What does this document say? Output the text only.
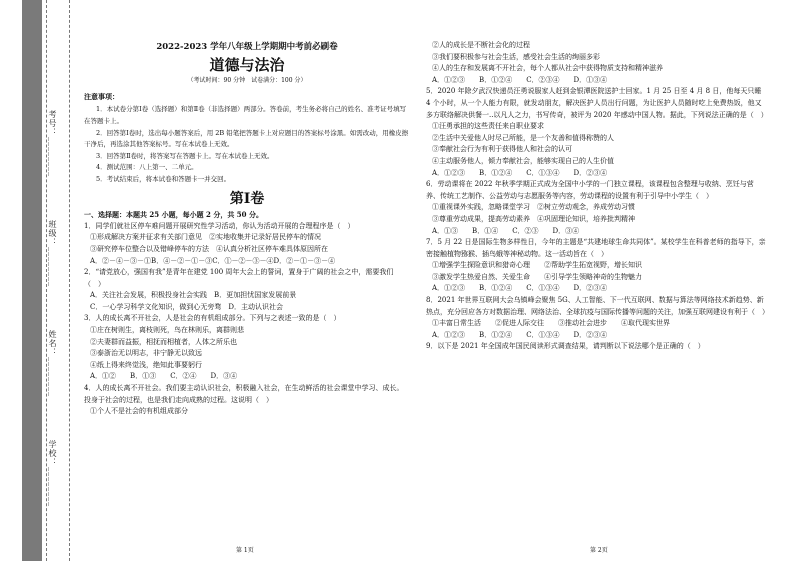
学校：________
姓名：________
班级：________
考号：________
2022-2023 学年八年级上学期期中考前必刷卷
道德与法治
（考试时间：90 分钟　试卷满分：100 分）
注意事项：
1．本试卷分第Ⅰ卷（选择题）和第Ⅱ卷（非选择题）两部分。答卷前，考生务必将自己的姓名、准考证号填写在答题卡上。
2．回答第Ⅰ卷时，选出每小题答案后，用 2B 铅笔把答题卡上对应题目的答案标号涂黑。如需改动，用橡皮擦干净后，再选涂其他答案标号。写在本试卷上无效。
3．回答第Ⅱ卷时，将答案写在答题卡上。写在本试卷上无效。
4．测试范围：八上第一、二单元。
5．考试结束后，将本试卷和答题卡一并交回。
第Ⅰ卷
一、选择题：本题共 25 小题，每小题 2 分，共 50 分。
1．同学们就社区停车难问题开展研究性学习活动，你认为活动开展的合理程序是（　）
①形成解决方案并征求有关部门意见　②实地收集并记录好居民停车的情况
③研究停车位整合以及错峰停车的方法　④认真分析社区停车难具体原因所在
A．②－④－③－①B．④－②－①－③C．①－②－③－④D．②－①－③－④
2．“请党放心，强国有我”是青年在建党 100 周年大会上的誓词，置身于广阔的社会之中，需要我们（　）
A．关注社会发展，积极投身社会实践　B．更加担忧国家发展前景
C．一心学习科学文化知识，做到心无旁骛　D．主动认识社会
3．人的成长离不开社会，人是社会的有机组成部分。下列与之表述一致的是（　）
①庄在树则生，离枝则死，鸟在林则乐，离群则悲
②夫妻群而益振，相抚而相植者，人体之所乐也
③泰浙治无以明志，非宁静无以致远
④纸上得来终觉浅，绝知此事要躬行
A．①②　　B．①③　　C．②④　　D．③④
4．人的成长离不开社会。我们要主动认识社会，积极融入社会，在生动鲜活的社会课堂中学习、成长。投身于社会的过程，也是我们走向成熟的过程。这说明（　）
①个人不是社会的有机组成部分
②人的成长是不断社会化的过程
③我们要积极参与社会生活，感受社会生活的绚丽多彩
④人的生存和发展离不开社会，每个人都从社会中获得物质支持和精神滋养
A．①②③　　B．①②④　　C．②③④　　D．①③④
5．2020 年除夕武汉快递员汪勇说服家人赶到金银潭医院送护士回家。1 月 25 日至 4 月 8 日，他每天只睡 4 个小时，从一个人能力有限，就发动朋友，解决医护人员出行问题，为让医护人员随时吃上免费热饭，他又多方联络解决供餐一..以凡人之力，书写传奇，被评为 2020 年感动中国人物。据此，下列说法正确的是（　）
①汪勇承担的这些责任来自职业要求
②生活中关爱他人时尽己所能，是一个友善和值得称赞的人
③奉献社会行为有利于获得他人和社会的认可
④主动服务他人，倾力奉献社会，能够实现自己的人生价值
A．①②③　　B．①②④　　C．①③④　　D．②③④
6．劳动课将在 2022 年秋季学期正式成为全国中小学的一门独立课程，该课程包含整理与收纳、烹饪与营养、传统工艺制作、公益劳动与志愿服务等内容，劳动课程的设置有利于引导中小学生（　）
①重视课外实践，忽略课堂学习　②树立劳动观念，养成劳动习惯
③尊重劳动成果，提高劳动素养　④巩固理论知识，培养批判精神
A．①③　　B．①④　　C．②③　　D．③④
7．5 月 22 日是国际生物多样性日，今年的主题是“共建地球生命共同体”。某校学生在科普老师的指导下，亲密接触植物猕猴、插鸟蛾等神秘动物。这一活动旨在（　）
①增强学生探险意识和猎奇心理　　②帮助学生拓宽视野，增长知识
③激发学生热爱自然、关爱生命　　④引导学生领略神奇的生物魅力
A．①②③　　B．①②④　　C．①③④　　D．②③④
8．2021 年世界互联网大会乌镇峰会聚焦 5G、人工智能、下一代互联网、数据与算法等网络技术新趋势、新热点，充分回应各方对数据治理、网络法治、全球抗疫与国际传播等问题的关注，加强互联网建设有利于（　）
①丰富日常生活　　②促进人际交往　　③推动社会进步　　④取代现实世界
A．①②③　　B．①②④　　C．①③④　　D．②③④
9．以下是 2021 年全国成年国民阅读形式调查结果，请判断以下说法哪个是正确的（　）
第 1页	第 2页
